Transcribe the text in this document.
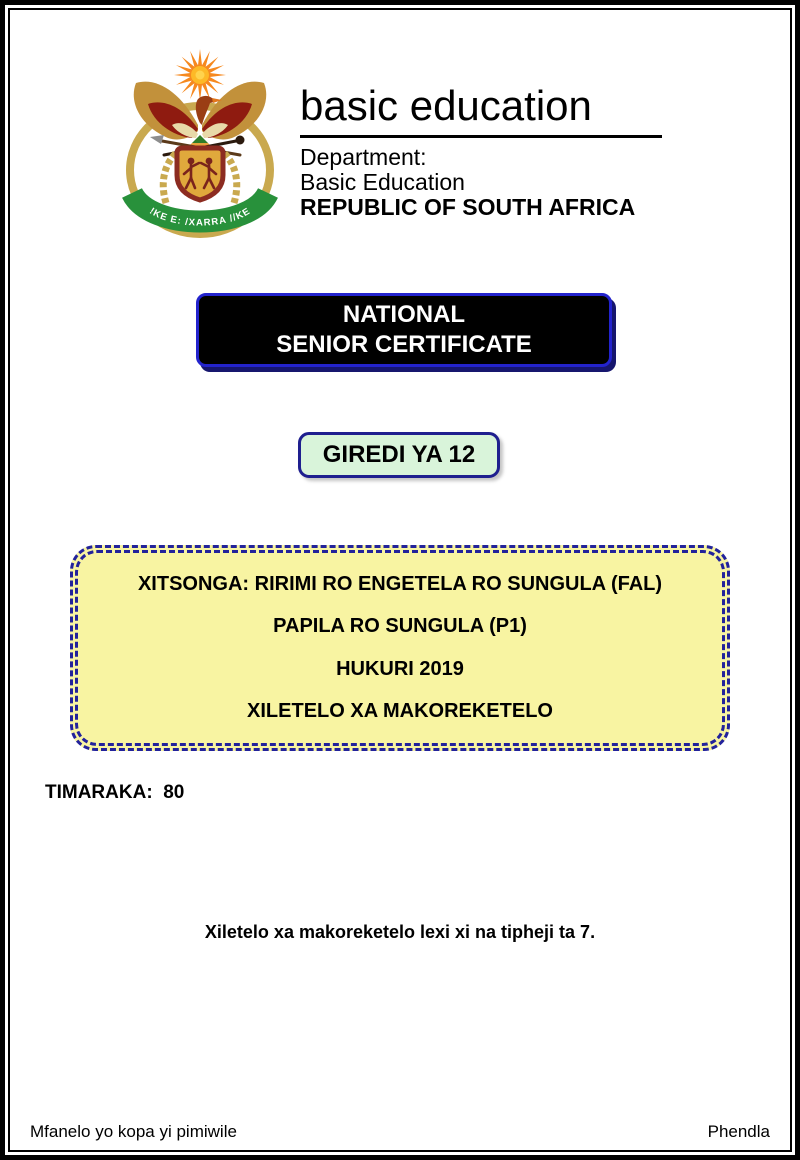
!KE E: /XARRA //KE
basic education
Department:
Basic Education
REPUBLIC OF SOUTH AFRICA
NATIONAL
SENIOR CERTIFICATE
GIREDI YA 12
XITSONGA: RIRIMI RO ENGETELA RO SUNGULA (FAL)
PAPILA RO SUNGULA (P1)
HUKURI 2019
XILETELO XA MAKOREKETELO
TIMARAKA:  80
Xiletelo xa makoreketelo lexi xi na tipheji ta 7.
Mfanelo yo kopa yi pimiwile	Phendla
